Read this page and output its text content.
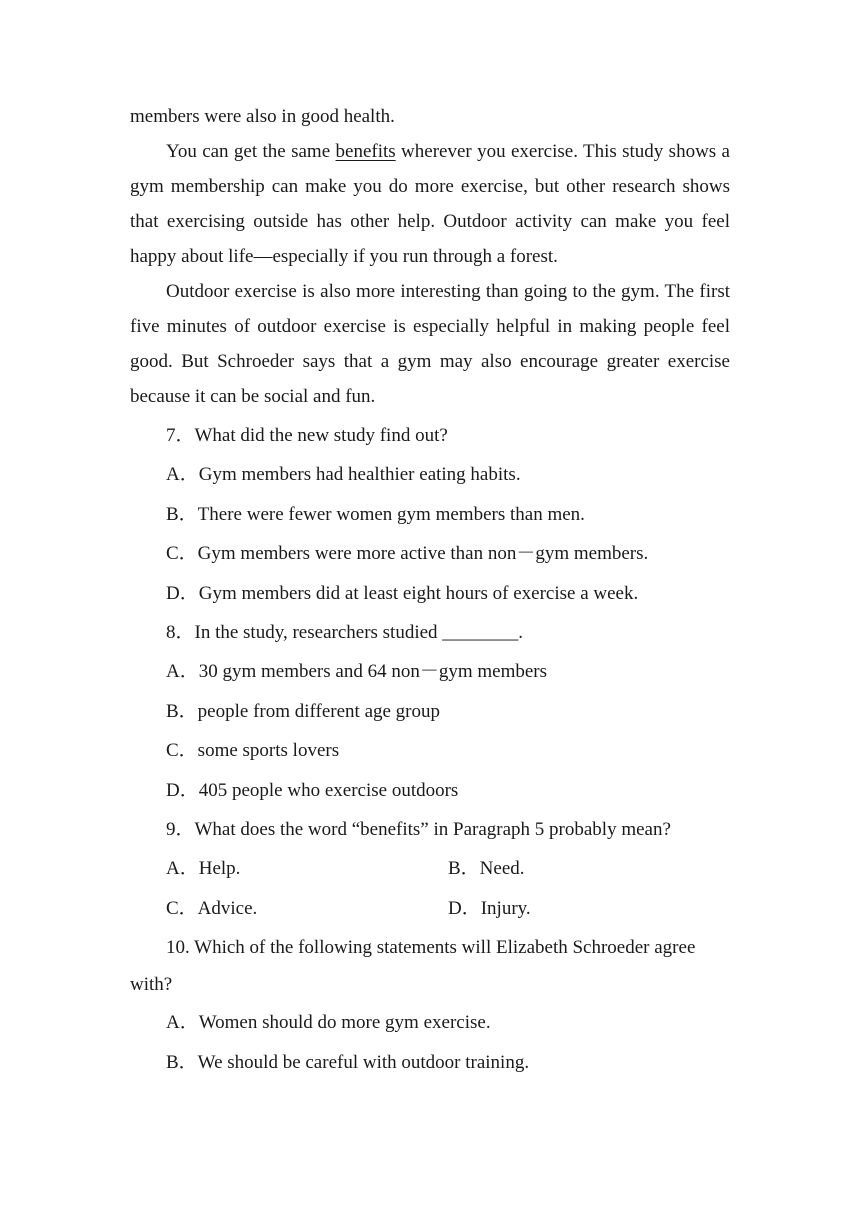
members were also in good health.

You can get the same benefits wherever you exercise. This study shows a gym membership can make you do more exercise, but other research shows that exercising outside has other help. Outdoor activity can make you feel happy about life—especially if you run through a forest.

Outdoor exercise is also more interesting than going to the gym. The first five minutes of outdoor exercise is especially helpful in making people feel good. But Schroeder says that a gym may also encourage greater exercise because it can be social and fun.

7．What did the new study find out?
A．Gym members had healthier eating habits.
B．There were fewer women gym members than men.
C．Gym members were more active than non－gym members.
D．Gym members did at least eight hours of exercise a week.
8．In the study, researchers studied ________.
A．30 gym members and 64 non－gym members
B．people from different age group
C．some sports lovers
D．405 people who exercise outdoors
9．What does the word “benefits” in Paragraph 5 probably mean?
A．Help.	B．Need.
C．Advice.	D．Injury.

10. Which of the following statements will Elizabeth Schroeder agree with?

A．Women should do more gym exercise.
B．We should be careful with outdoor training.
